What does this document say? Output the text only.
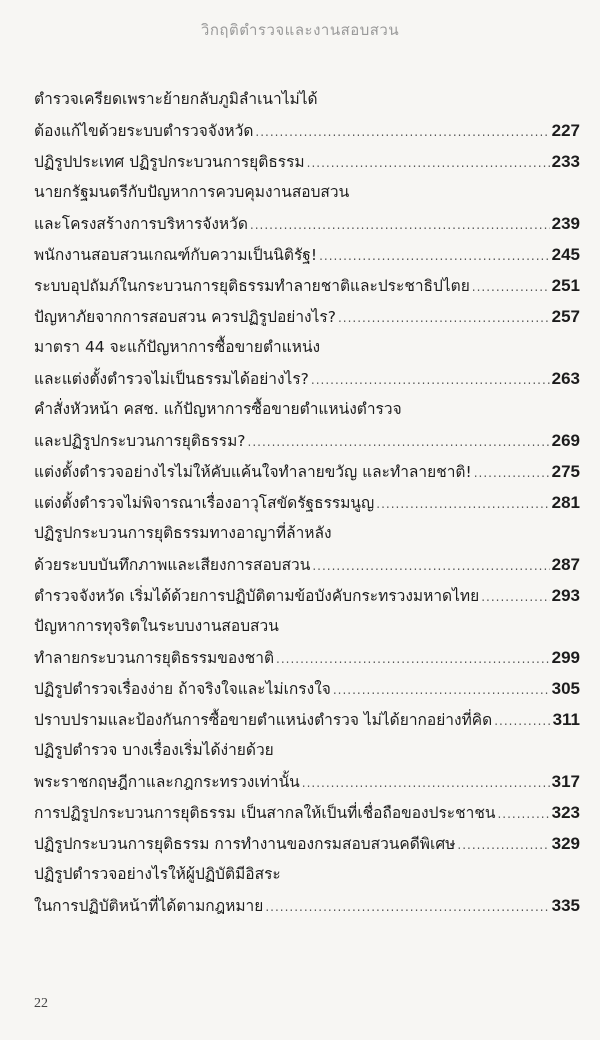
วิกฤติตำรวจและงานสอบสวน
ตำรวจเครียดเพราะย้ายกลับภูมิลำเนาไม่ได้
ต้องแก้ไขด้วยระบบตำรวจจังหวัด .....	227
ปฏิรูปประเทศ ปฏิรูปกระบวนการยุติธรรม .....	233
นายกรัฐมนตรีกับปัญหาการควบคุมงานสอบสวน
และโครงสร้างการบริหารจังหวัด .....	239
พนักงานสอบสวนเกณฑ์กับความเป็นนิติรัฐ! .....	245
ระบบอุปถัมภ์ในกระบวนการยุติธรรมทำลายชาติและประชาธิปไตย .....	251
ปัญหาภัยจากการสอบสวน ควรปฏิรูปอย่างไร? .....	257
มาตรา 44 จะแก้ปัญหาการซื้อขายตำแหน่ง
และแต่งตั้งตำรวจไม่เป็นธรรมได้อย่างไร? .....	263
คำสั่งหัวหน้า คสช. แก้ปัญหาการซื้อขายตำแหน่งตำรวจ
และปฏิรูปกระบวนการยุติธรรม? .....	269
แต่งตั้งตำรวจอย่างไรไม่ให้คับแค้นใจทำลายขวัญ และทำลายชาติ! .....	275
แต่งตั้งตำรวจไม่พิจารณาเรื่องอาวุโสขัดรัฐธรรมนูญ .....	281
ปฏิรูปกระบวนการยุติธรรมทางอาญาที่ล้าหลัง
ด้วยระบบบันทึกภาพและเสียงการสอบสวน .....	287
ตำรวจจังหวัด เริ่มได้ด้วยการปฏิบัติตามข้อบังคับกระทรวงมหาดไทย .....	293
ปัญหาการทุจริตในระบบงานสอบสวน
ทำลายกระบวนการยุติธรรมของชาติ .....	299
ปฏิรูปตำรวจเรื่องง่าย ถ้าจริงใจและไม่เกรงใจ .....	305
ปราบปรามและป้องกันการซื้อขายตำแหน่งตำรวจ ไม่ได้ยากอย่างที่คิด .....	311
ปฏิรูปตำรวจ บางเรื่องเริ่มได้ง่ายด้วย
พระราชกฤษฎีกาและกฎกระทรวงเท่านั้น .....	317
การปฏิรูปกระบวนการยุติธรรม เป็นสากลให้เป็นที่เชื่อถือของประชาชน .....	323
ปฏิรูปกระบวนการยุติธรรม การทำงานของกรมสอบสวนคดีพิเศษ .....	329
ปฏิรูปตำรวจอย่างไรให้ผู้ปฏิบัติมีอิสระ
ในการปฏิบัติหน้าที่ได้ตามกฎหมาย .....	335
22
